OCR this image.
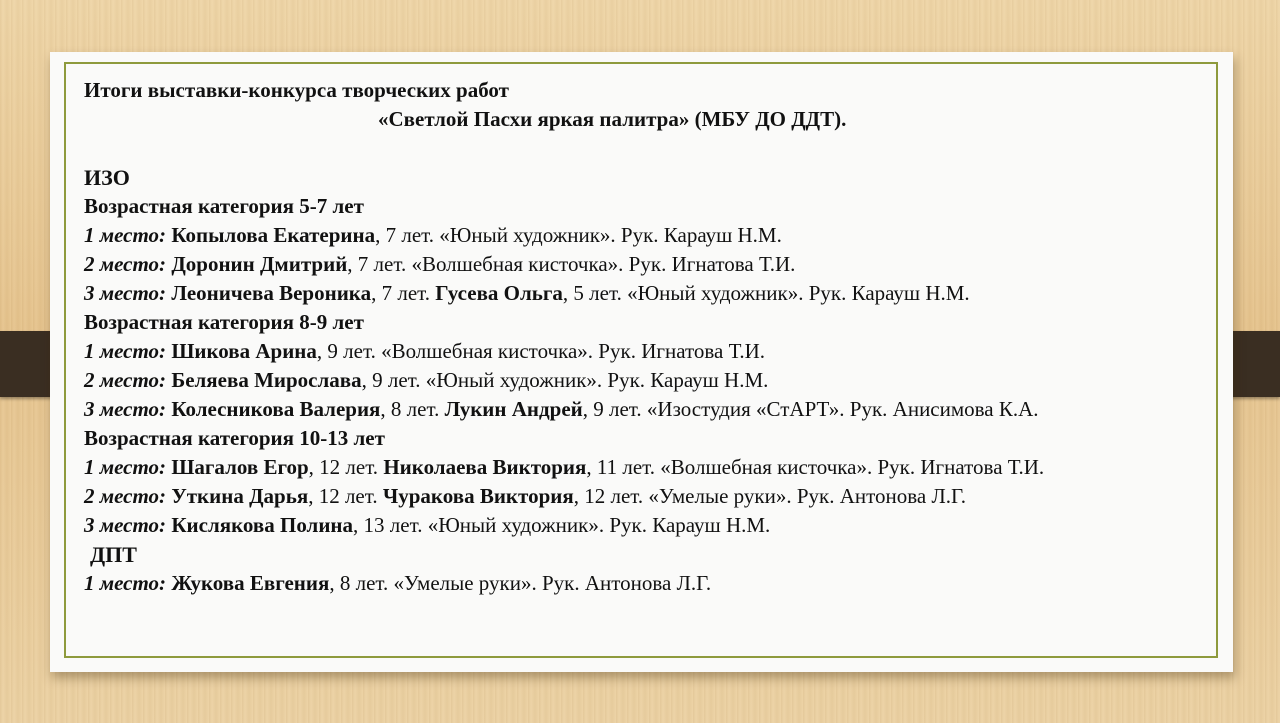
Итоги выставки-конкурса творческих работ
«Светлой Пасхи яркая палитра» (МБУ ДО ДДТ).
ИЗО
Возрастная категория 5-7 лет
1 место: Копылова Екатерина, 7 лет. «Юный художник». Рук. Карауш Н.М.
2 место: Доронин Дмитрий, 7 лет. «Волшебная кисточка». Рук. Игнатова Т.И.
3 место: Леоничева Вероника, 7 лет. Гусева Ольга, 5 лет. «Юный художник». Рук. Карауш Н.М.
Возрастная категория 8-9 лет
1 место: Шикова Арина, 9 лет. «Волшебная кисточка». Рук. Игнатова Т.И.
2 место: Беляева Мирослава, 9 лет. «Юный художник». Рук. Карауш Н.М.
3 место: Колесникова Валерия, 8 лет. Лукин Андрей, 9 лет. «Изостудия «СтАРТ». Рук. Анисимова К.А.
Возрастная категория 10-13 лет
1 место: Шагалов Егор, 12 лет. Николаева Виктория, 11 лет. «Волшебная кисточка». Рук. Игнатова Т.И.
2 место: Уткина Дарья, 12 лет. Чуракова Виктория, 12 лет. «Умелые руки». Рук. Антонова Л.Г.
3 место: Кислякова Полина, 13 лет. «Юный художник». Рук. Карауш Н.М.
ДПТ
1 место: Жукова Евгения, 8 лет. «Умелые руки». Рук. Антонова Л.Г.
